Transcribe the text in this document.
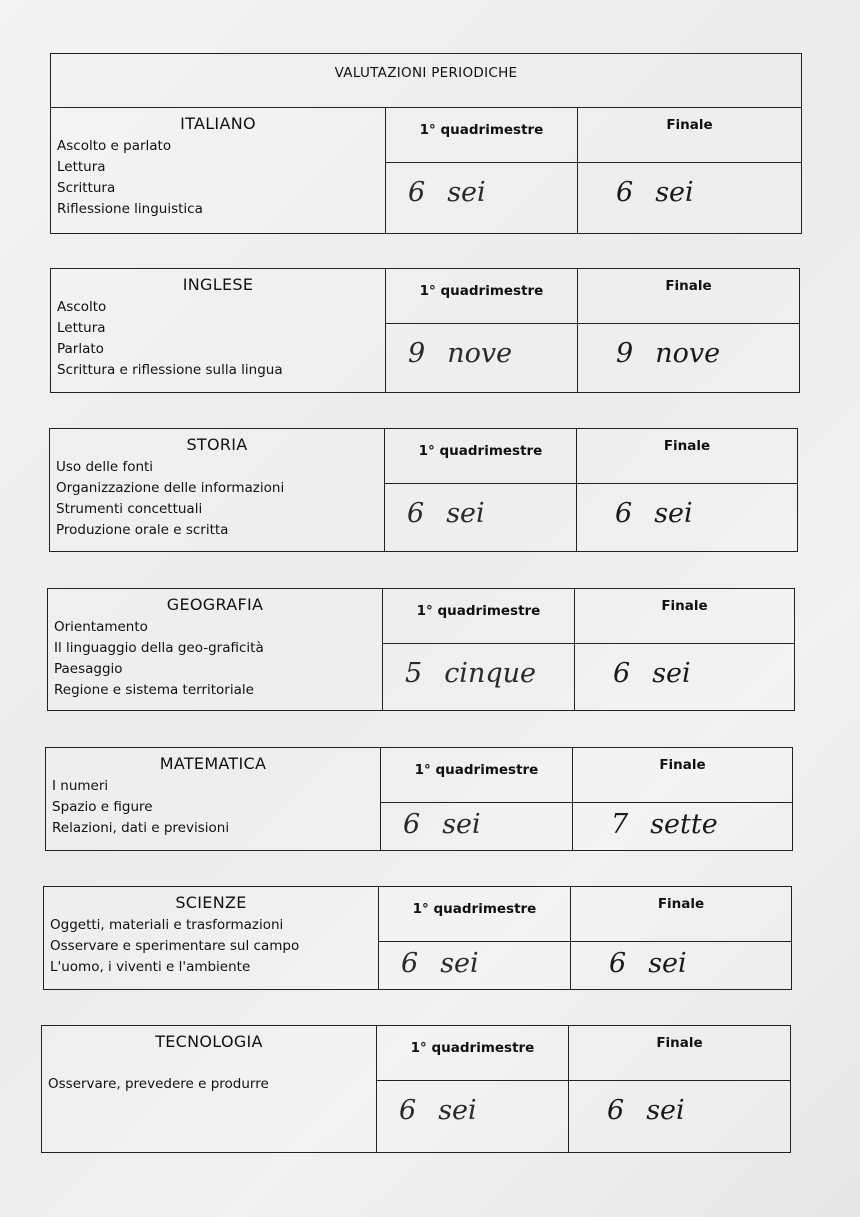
VALUTAZIONI PERIODICHE
ITALIANO
Ascolto e parlato
Lettura
Scrittura
Riflessione linguistica
1° quadrimestre	Finale
6 sei	6 sei
INGLESE
Ascolto
Lettura
Parlato
Scrittura e riflessione sulla lingua
1° quadrimestre	Finale
9 nove	9 nove
STORIA
Uso delle fonti
Organizzazione delle informazioni
Strumenti concettuali
Produzione orale e scritta
1° quadrimestre	Finale
6 sei	6 sei
GEOGRAFIA
Orientamento
Il linguaggio della geo-graficità
Paesaggio
Regione e sistema territoriale
1° quadrimestre	Finale
5 cinque	6 sei
MATEMATICA
I numeri
Spazio e figure
Relazioni, dati e previsioni
1° quadrimestre	Finale
6 sei	7 sette
SCIENZE
Oggetti, materiali e trasformazioni
Osservare e sperimentare sul campo
L'uomo, i viventi e l'ambiente
1° quadrimestre	Finale
6 sei	6 sei
TECNOLOGIA
Osservare, prevedere e produrre
1° quadrimestre	Finale
6 sei	6 sei
